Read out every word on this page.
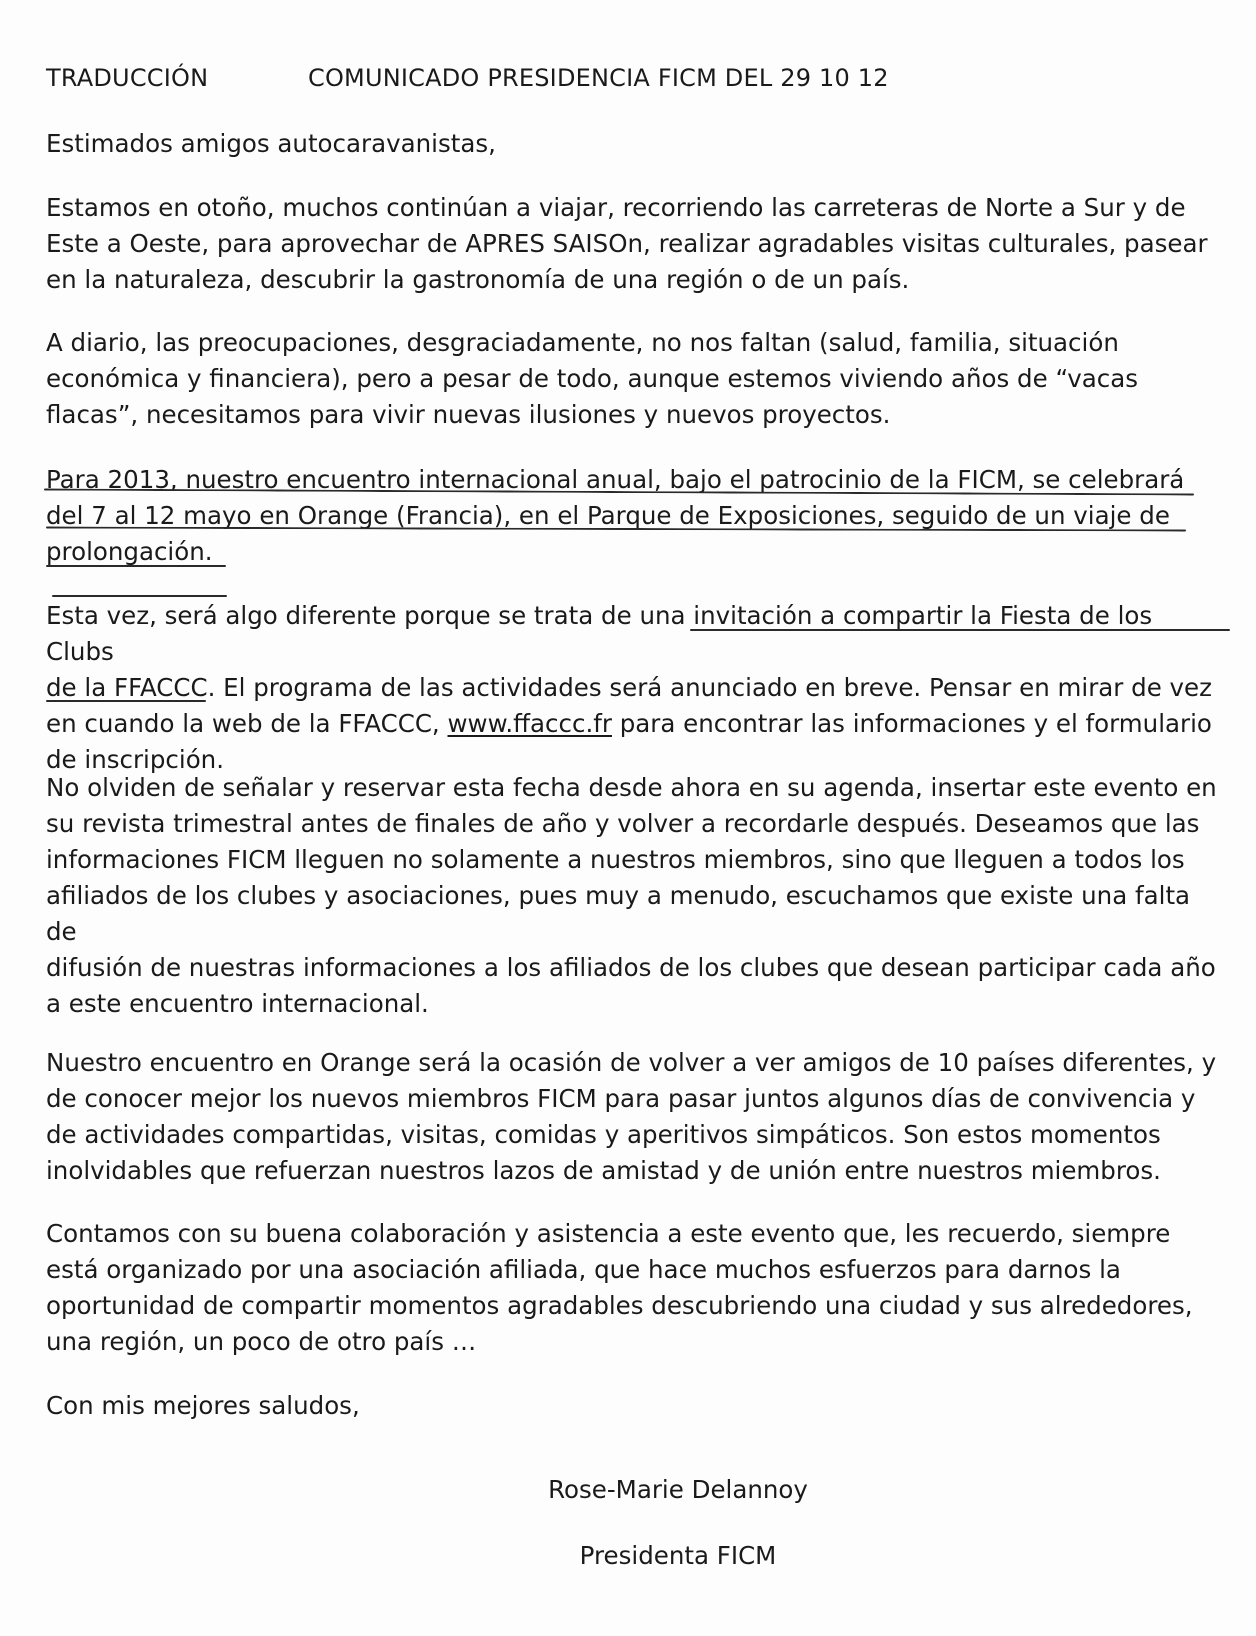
TRADUCCIÓN	COMUNICADO PRESIDENCIA FICM DEL 29 10 12
Estimados amigos autocaravanistas,
Estamos en otoño, muchos continúan a viajar, recorriendo las carreteras de Norte a Sur y de
Este a Oeste, para aprovechar de APRES SAISOn, realizar agradables visitas culturales, pasear
en la naturaleza, descubrir la gastronomía de una región o de un país.
A diario, las preocupaciones, desgraciadamente, no nos faltan (salud, familia, situación
económica y financiera), pero a pesar de todo, aunque estemos viviendo años de “vacas
flacas”, necesitamos para vivir nuevas ilusiones y nuevos proyectos.
Para 2013, nuestro encuentro internacional anual, bajo el patrocinio de la FICM, se celebrará
del 7 al 12 mayo en Orange (Francia), en el Parque de Exposiciones, seguido de un viaje de
prolongación.
Esta vez, será algo diferente porque se trata de una invitación a compartir la Fiesta de los Clubs
de la FFACCC. El programa de las actividades será anunciado en breve. Pensar en mirar de vez
en cuando la web de la FFACCC, www.ffaccc.fr para encontrar las informaciones y el formulario
de inscripción.
No olviden de señalar y reservar esta fecha desde ahora en su agenda, insertar este evento en
su revista trimestral antes de finales de año y volver a recordarle después. Deseamos que las
informaciones FICM lleguen no solamente a nuestros miembros, sino que lleguen a todos los
afiliados de los clubes y asociaciones, pues muy a menudo, escuchamos que existe una falta de
difusión de nuestras informaciones a los afiliados de los clubes que desean participar cada año
a este encuentro internacional.
Nuestro encuentro en Orange será la ocasión de volver a ver amigos de 10 países diferentes, y
de conocer mejor los nuevos miembros FICM para pasar juntos algunos días de convivencia y
de actividades compartidas, visitas, comidas y aperitivos simpáticos. Son estos momentos
inolvidables que refuerzan nuestros lazos de amistad y de unión entre nuestros miembros.
Contamos con su buena colaboración y asistencia a este evento que, les recuerdo, siempre
está organizado por una asociación afiliada, que hace muchos esfuerzos para darnos la
oportunidad de compartir momentos agradables descubriendo una ciudad y sus alrededores,
una región, un poco de otro país …
Con mis mejores saludos,
Rose-Marie Delannoy
Presidenta FICM
